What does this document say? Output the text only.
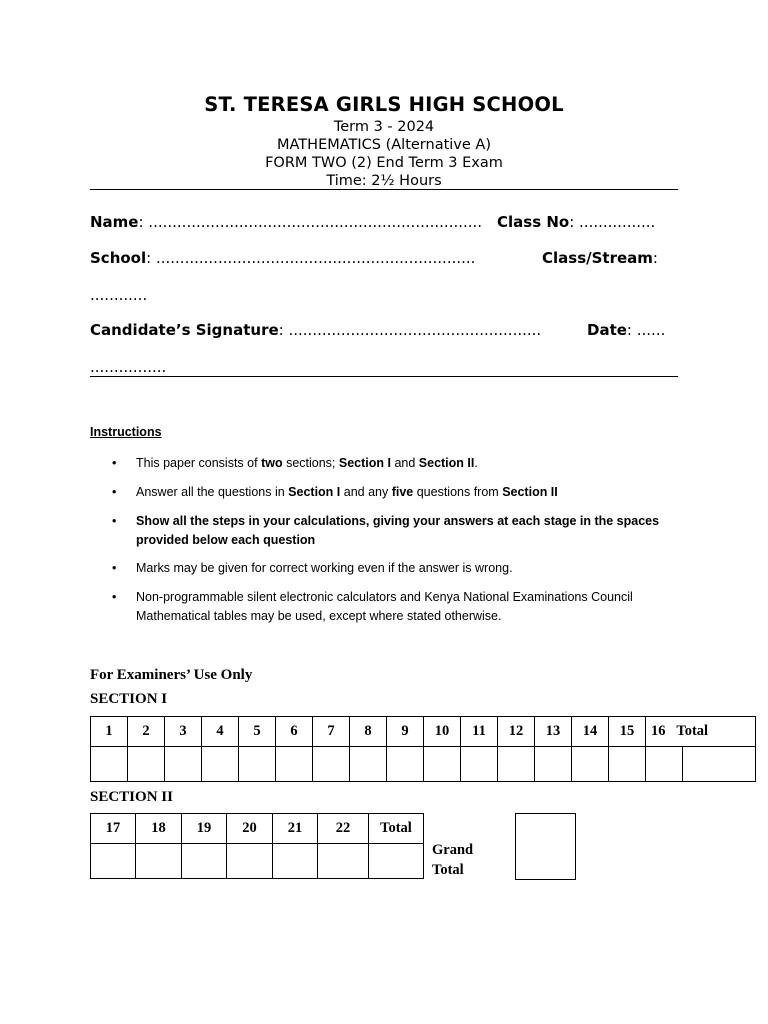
ST. TERESA GIRLS HIGH SCHOOL
Term 3 - 2024
MATHEMATICS (Alternative A)
FORM TWO (2) End Term 3 Exam
Time: 2½ Hours
Name: ...................................................................... Class No: ................
School: ...................................................................	Class/Stream:
............
Candidate’s Signature: .....................................................	Date: ......
................
Instructions
• This paper consists of two sections; Section I and Section II.
• Answer all the questions in Section I and any five questions from Section II
• Show all the steps in your calculations, giving your answers at each stage in the spaces provided below each question
• Marks may be given for correct working even if the answer is wrong.
• Non-programmable silent electronic calculators and Kenya National Examinations Council Mathematical tables may be used, except where stated otherwise.
For Examiners’ Use Only
SECTION I
1	2	3	4	5	6	7	8	9	10	11	12	13	14	15	16 Total	

SECTION II
17	18	19	20	21	22	Total

Grand
Total
